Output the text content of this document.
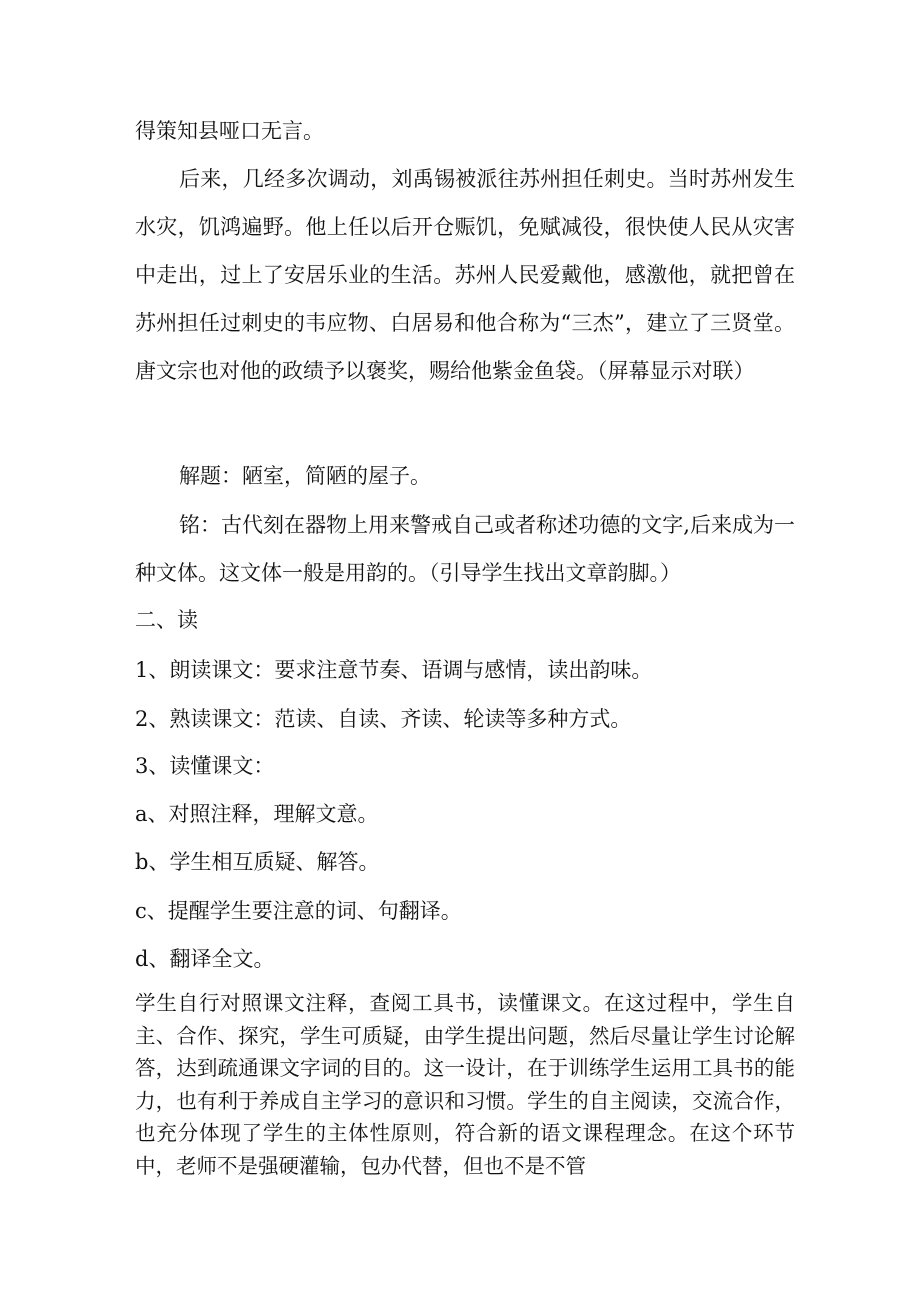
得策知县哑口无言。

后来，几经多次调动，刘禹锡被派往苏州担任刺史。当时苏州发生水灾，饥鸿遍野。他上任以后开仓赈饥，免赋减役，很快使人民从灾害中走出，过上了安居乐业的生活。苏州人民爱戴他，感激他，就把曾在苏州担任过刺史的韦应物、白居易和他合称为“三杰”，建立了三贤堂。唐文宗也对他的政绩予以褒奖，赐给他紫金鱼袋。（屏幕显示对联）

解题：陋室，简陋的屋子。

铭：古代刻在器物上用来警戒自己或者称述功德的文字,后来成为一种文体。这文体一般是用韵的。（引导学生找出文章韵脚。）

二、读

1、朗读课文：要求注意节奏、语调与感情，读出韵味。

2、熟读课文：范读、自读、齐读、轮读等多种方式。

3、读懂课文：

a、对照注释，理解文意。

b、学生相互质疑、解答。

c、提醒学生要注意的词、句翻译。

d、翻译全文。

学生自行对照课文注释，查阅工具书，读懂课文。在这过程中，学生自主、合作、探究，学生可质疑，由学生提出问题，然后尽量让学生讨论解答，达到疏通课文字词的目的。这一设计，在于训练学生运用工具书的能力，也有利于养成自主学习的意识和习惯。学生的自主阅读，交流合作，也充分体现了学生的主体性原则，符合新的语文课程理念。在这个环节中，老师不是强硬灌输，包办代替，但也不是不管
